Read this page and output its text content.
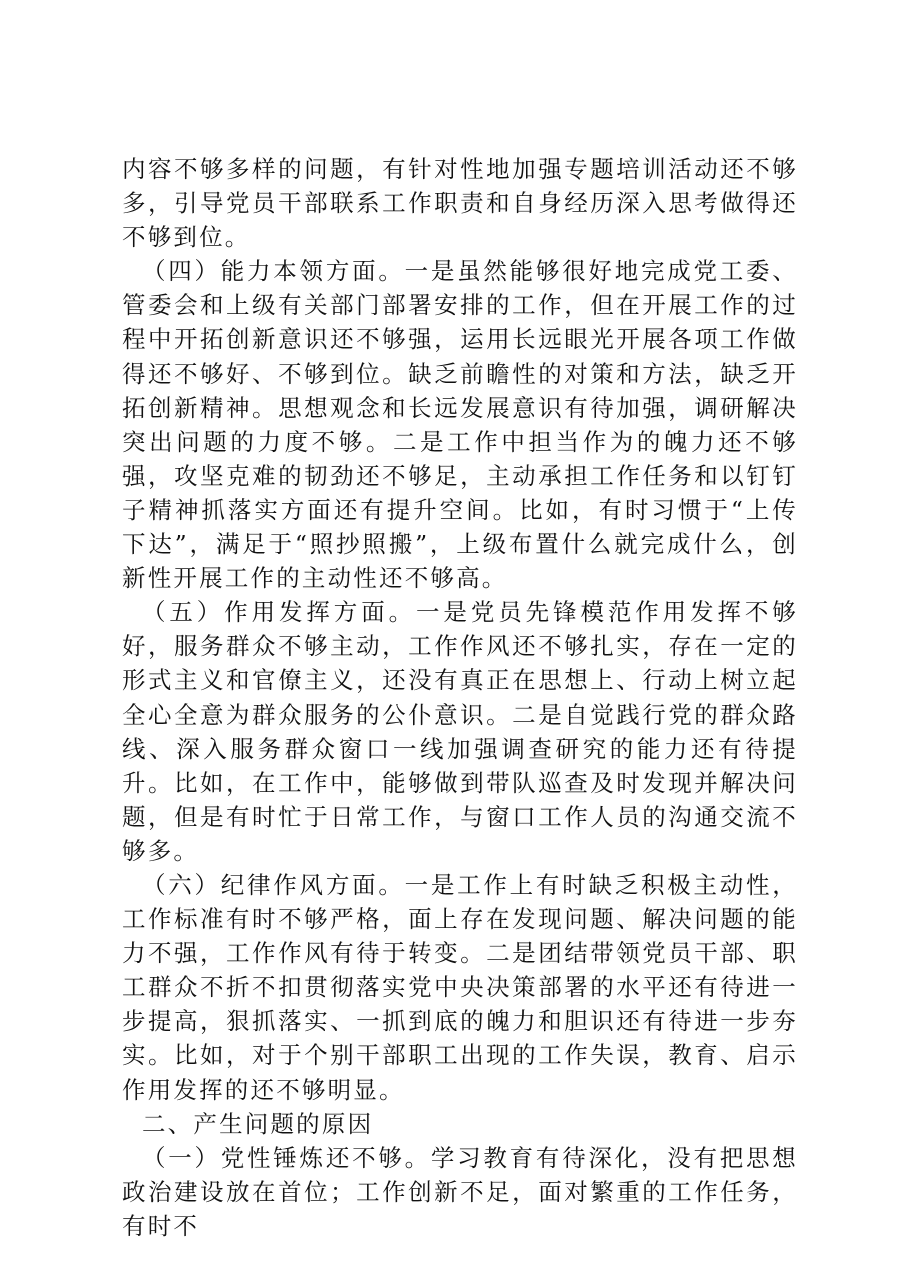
内容不够多样的问题，有针对性地加强专题培训活动还不够多，引导党员干部联系工作职责和自身经历深入思考做得还不够到位。

（四）能力本领方面。一是虽然能够很好地完成党工委、管委会和上级有关部门部署安排的工作，但在开展工作的过程中开拓创新意识还不够强，运用长远眼光开展各项工作做得还不够好、不够到位。缺乏前瞻性的对策和方法，缺乏开拓创新精神。思想观念和长远发展意识有待加强，调研解决突出问题的力度不够。二是工作中担当作为的魄力还不够强，攻坚克难的韧劲还不够足，主动承担工作任务和以钉钉子精神抓落实方面还有提升空间。比如，有时习惯于“上传下达”，满足于“照抄照搬”，上级布置什么就完成什么，创新性开展工作的主动性还不够高。

（五）作用发挥方面。一是党员先锋模范作用发挥不够好，服务群众不够主动，工作作风还不够扎实，存在一定的形式主义和官僚主义，还没有真正在思想上、行动上树立起全心全意为群众服务的公仆意识。二是自觉践行党的群众路线、深入服务群众窗口一线加强调查研究的能力还有待提升。比如，在工作中，能够做到带队巡查及时发现并解决问题，但是有时忙于日常工作，与窗口工作人员的沟通交流不够多。

（六）纪律作风方面。一是工作上有时缺乏积极主动性，工作标准有时不够严格，面上存在发现问题、解决问题的能力不强，工作作风有待于转变。二是团结带领党员干部、职工群众不折不扣贯彻落实党中央决策部署的水平还有待进一步提高，狠抓落实、一抓到底的魄力和胆识还有待进一步夯实。比如，对于个别干部职工出现的工作失误，教育、启示作用发挥的还不够明显。

二、产生问题的原因

（一）党性锤炼还不够。学习教育有待深化，没有把思想政治建设放在首位；工作创新不足，面对繁重的工作任务，有时不
